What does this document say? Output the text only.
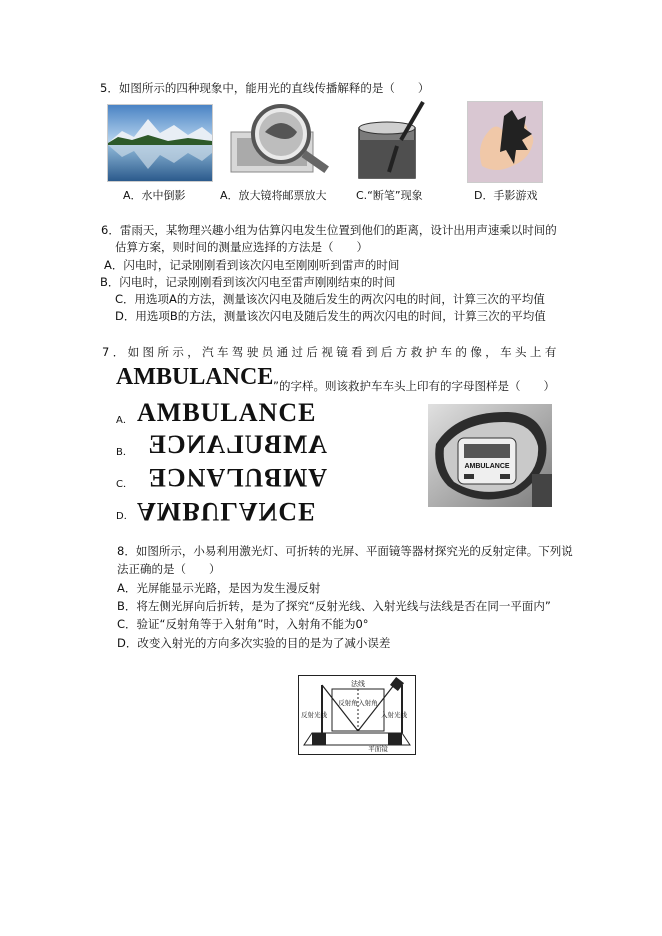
5．如图所示的四种现象中，能用光的直线传播解释的是（　　）
A．水中倒影	A．放大镜将邮票放大	C.“断笔”现象	D．手影游戏
6．雷雨天，某物理兴趣小组为估算闪电发生位置到他们的距离，设计出用声速乘以时间的
估算方案，则时间的测量应选择的方法是（　　）
A．闪电时，记录刚刚看到该次闪电至刚刚听到雷声的时间
B．闪电时，记录刚刚看到该次闪电至雷声刚刚结束的时间
C．用选项A的方法，测量该次闪电及随后发生的两次闪电的时间，计算三次的平均值
D．用选项B的方法，测量该次闪电及随后发生的两次闪电的时间，计算三次的平均值
7．如图所示，汽车驾驶员通过后视镜看到后方救护车的像，车头上有
AMBULANCE ”的字样。则该救护车车头上印有的字母图样是（　　）
A． AMBULANCE
B． AMBULANCE
C． AMBULANCE
D． AMBULANCE
AMBULANCE
8．如图所示，小易利用激光灯、可折转的光屏、平面镜等器材探究光的反射定律。下列说
法正确的是（　　）
A．光屏能显示光路，是因为发生漫反射
B．将左侧光屏向后折转，是为了探究“反射光线、入射光线与法线是否在同一平面内”
C．验证“反射角等于入射角”时，入射角不能为0°
D．改变入射光的方向多次实验的目的是为了减小误差
法线
反射角 入射角
反射光线	入射光线
平面镜
